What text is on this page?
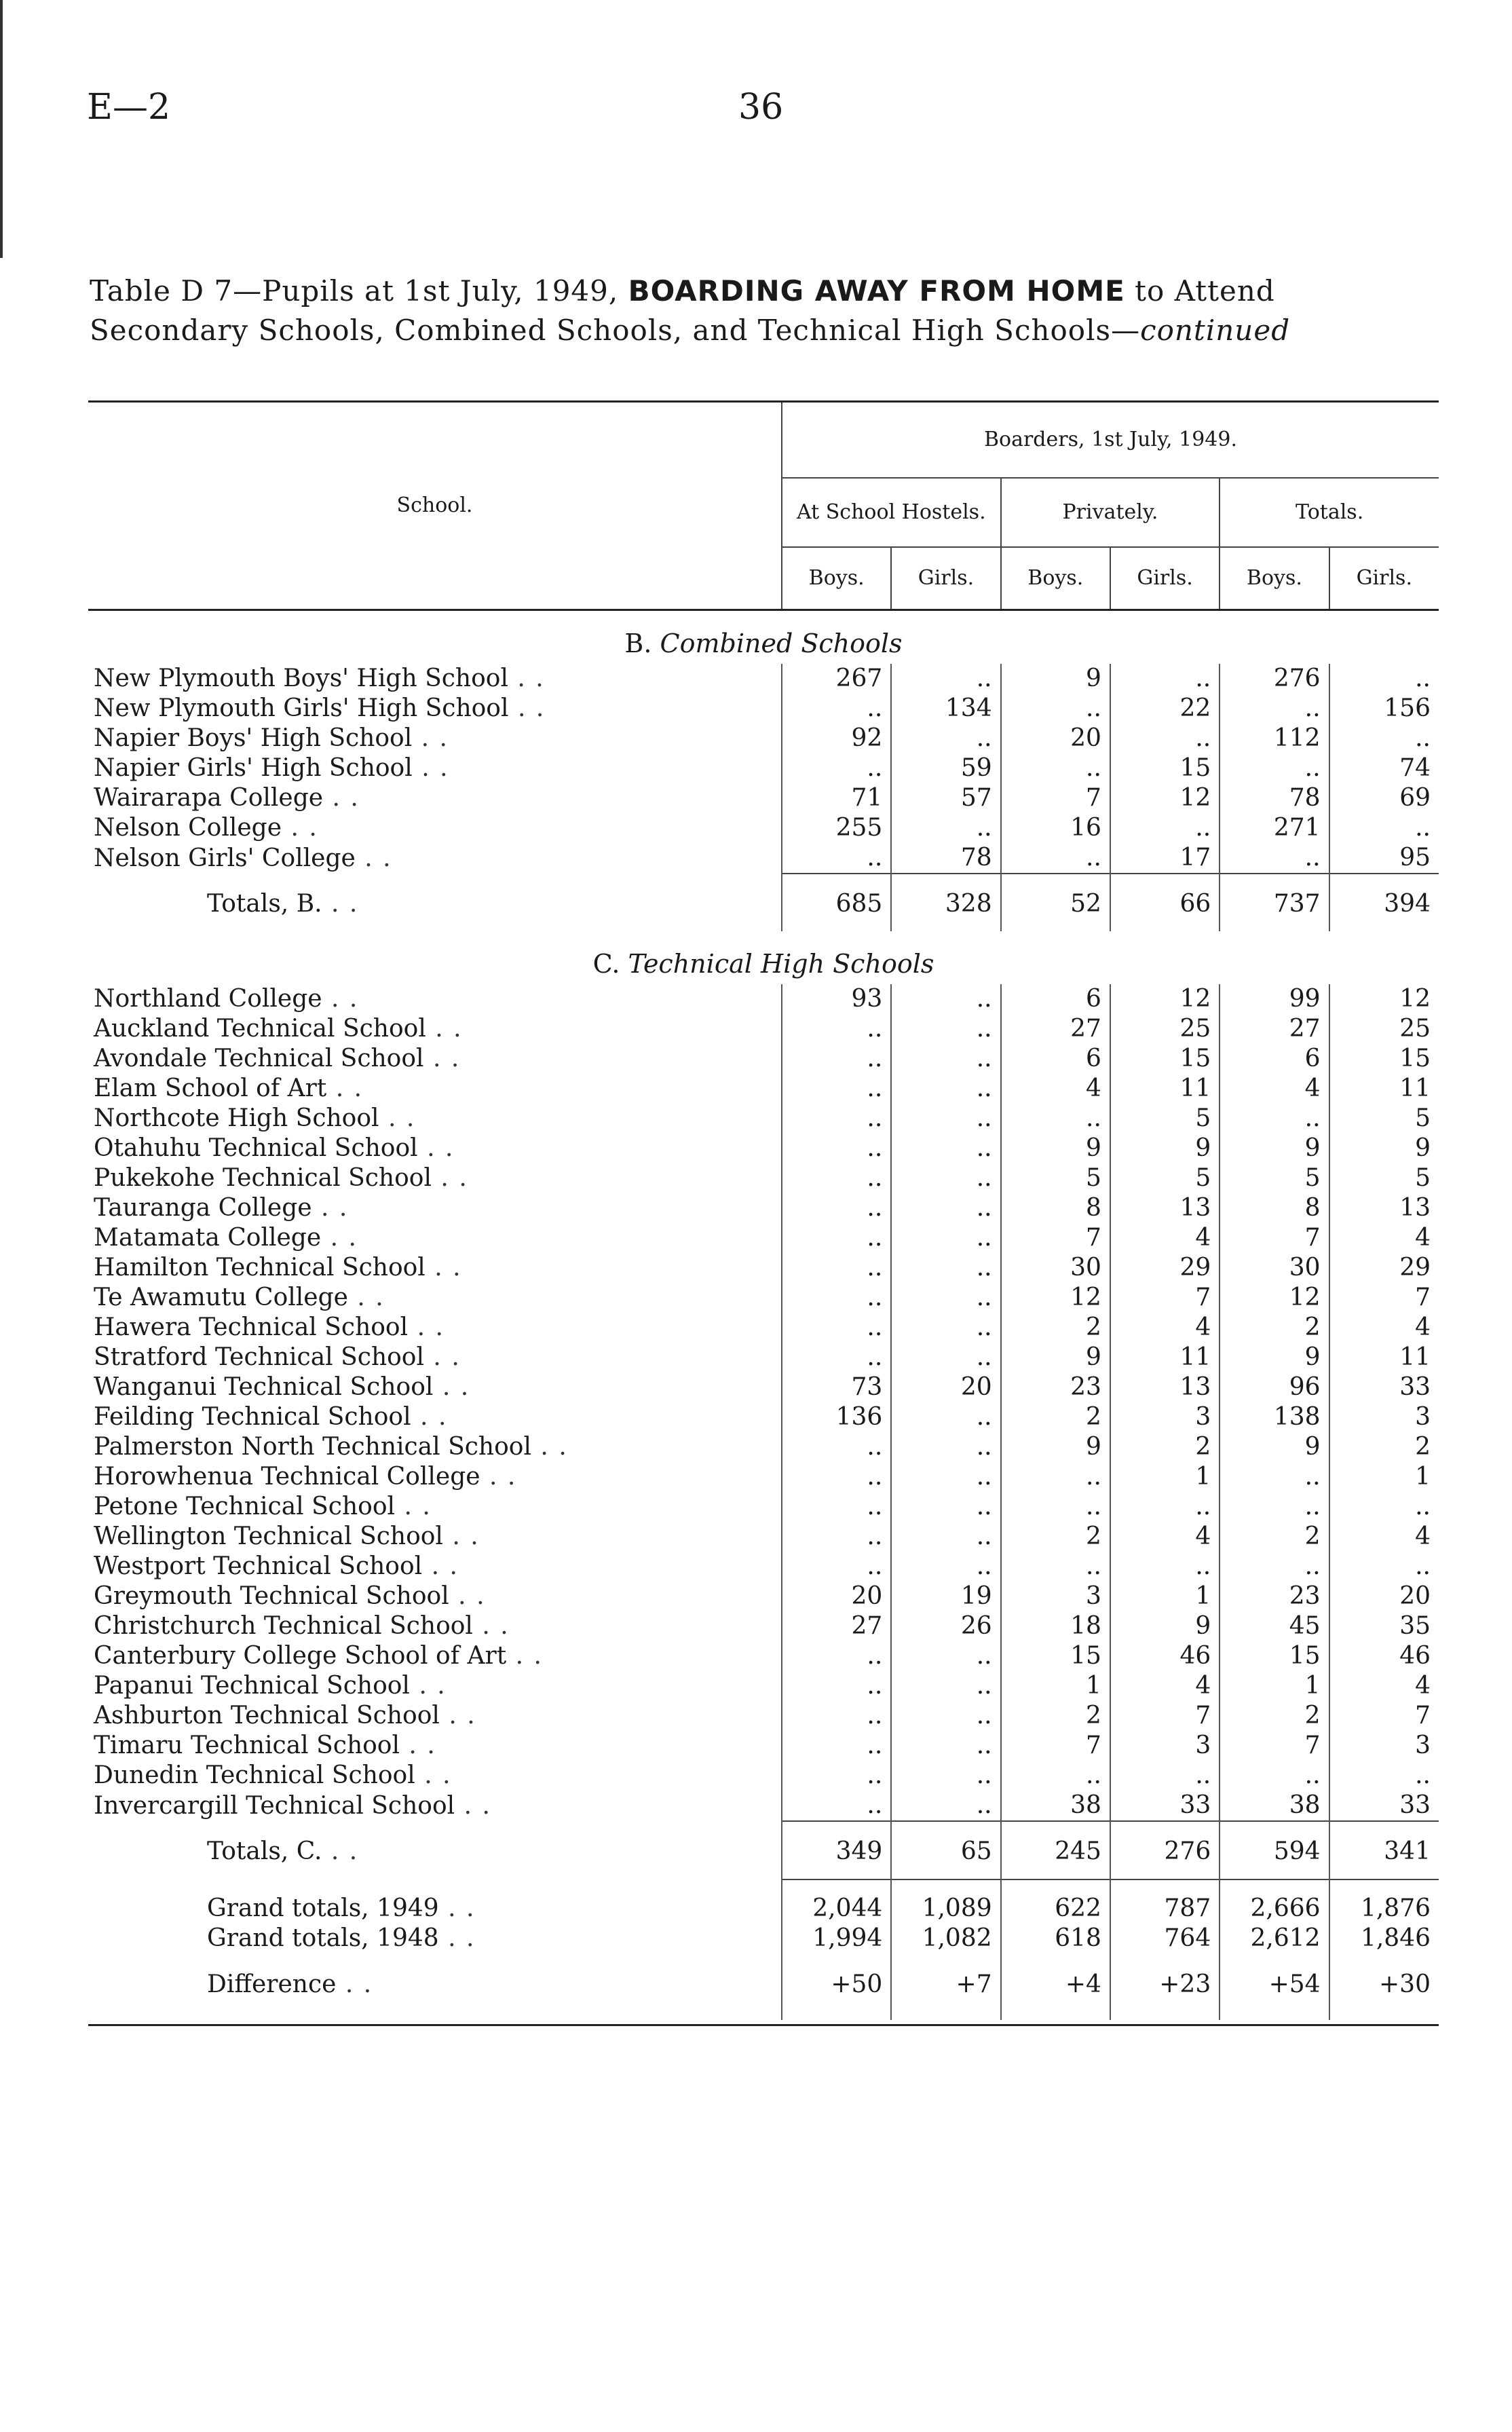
E—2	36
Table D 7—Pupils at 1st July, 1949, BOARDING AWAY FROM HOME to Attend Secondary Schools, Combined Schools, and Technical High Schools—continued
School.	Boarders, 1st July, 1949.					
	At School Hostels.		Privately.		Totals.	
	Boys.	Girls.	Boys.	Girls.	Boys.	Girls.
B. Combined Schools						
New Plymouth Boys' High School . .	267	..	9	..	276	..
New Plymouth Girls' High School . .	..	134	..	22	..	156
Napier Boys' High School . .	92	..	20	..	112	..
Napier Girls' High School . .	..	59	..	15	..	74
Wairarapa College . .	71	57	7	12	78	69
Nelson College . .	255	..	16	..	271	..
Nelson Girls' College . .	..	78	..	17	..	95
Totals, B. . .	685	328	52	66	737	394
C. Technical High Schools						
Northland College . .	93	..	6	12	99	12
Auckland Technical School . .	..	..	27	25	27	25
Avondale Technical School . .	..	..	6	15	6	15
Elam School of Art . .	..	..	4	11	4	11
Northcote High School . .	..	..	..	5	..	5
Otahuhu Technical School . .	..	..	9	9	9	9
Pukekohe Technical School . .	..	..	5	5	5	5
Tauranga College . .	..	..	8	13	8	13
Matamata College . .	..	..	7	4	7	4
Hamilton Technical School . .	..	..	30	29	30	29
Te Awamutu College . .	..	..	12	7	12	7
Hawera Technical School . .	..	..	2	4	2	4
Stratford Technical School . .	..	..	9	11	9	11
Wanganui Technical School . .	73	20	23	13	96	33
Feilding Technical School . .	136	..	2	3	138	3
Palmerston North Technical School . .	..	..	9	2	9	2
Horowhenua Technical College . .	..	..	..	1	..	1
Petone Technical School . .	..	..	..	..	..	..
Wellington Technical School . .	..	..	2	4	2	4
Westport Technical School . .	..	..	..	..	..	..
Greymouth Technical School . .	20	19	3	1	23	20
Christchurch Technical School . .	27	26	18	9	45	35
Canterbury College School of Art . .	..	..	15	46	15	46
Papanui Technical School . .	..	..	1	4	1	4
Ashburton Technical School . .	..	..	2	7	2	7
Timaru Technical School . .	..	..	7	3	7	3
Dunedin Technical School . .	..	..	..	..	..	..
Invercargill Technical School . .	..	..	38	33	38	33
Totals, C. . .	349	65	245	276	594	341

Grand totals, 1949 . .	2,044	1,089	622	787	2,666	1,876
Grand totals, 1948 . .	1,994	1,082	618	764	2,612	1,846
Difference . .	+50	+7	+4	+23	+54	+30
